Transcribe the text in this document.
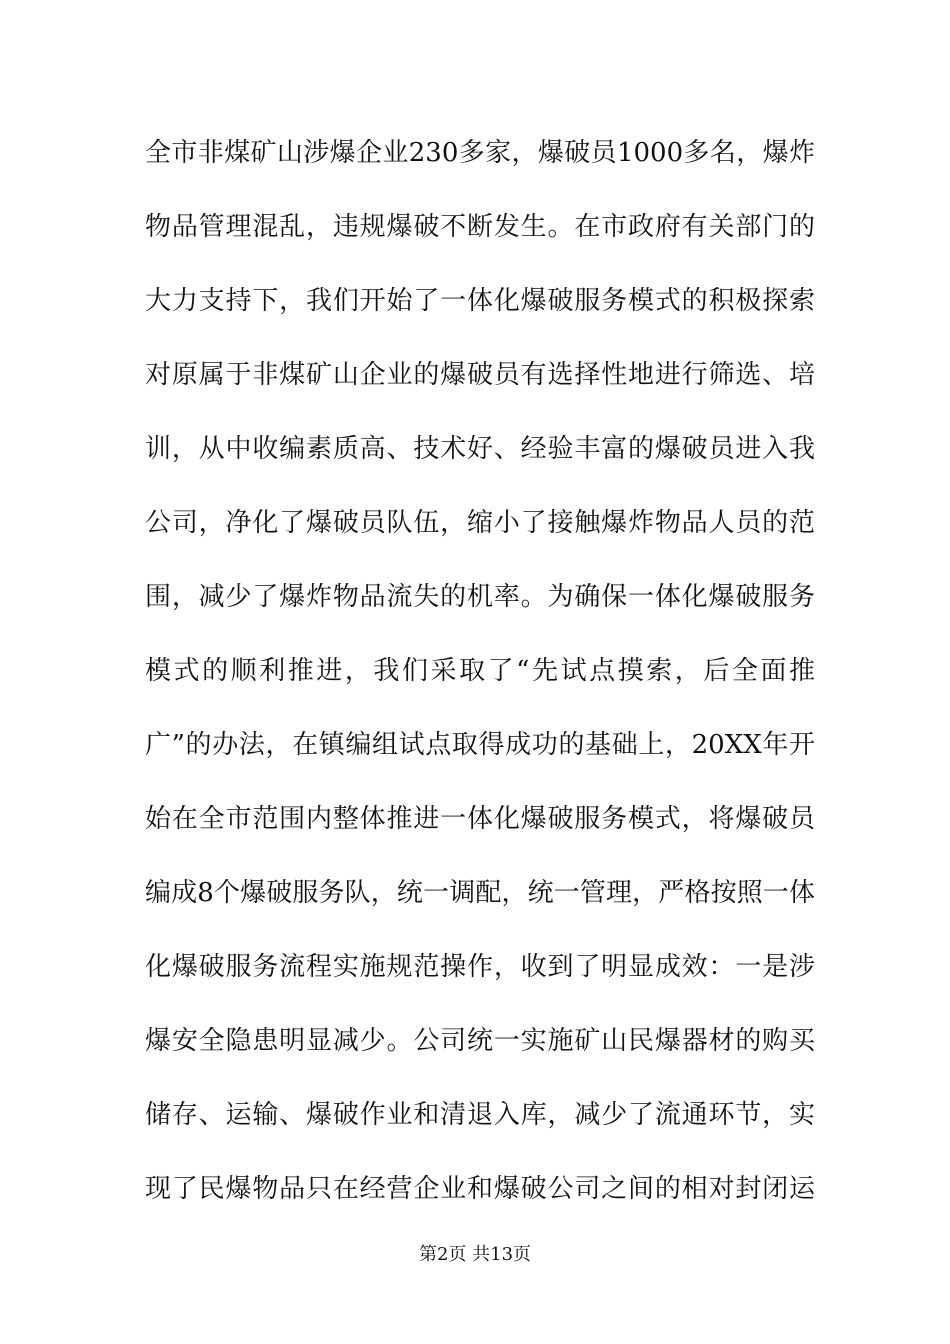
全市非煤矿山涉爆企业230多家，爆破员1000多名，爆炸
物品管理混乱，违规爆破不断发生。在市政府有关部门的
大力支持下，我们开始了一体化爆破服务模式的积极探索
对原属于非煤矿山企业的爆破员有选择性地进行筛选、培
训，从中收编素质高、技术好、经验丰富的爆破员进入我
公司，净化了爆破员队伍，缩小了接触爆炸物品人员的范
围，减少了爆炸物品流失的机率。为确保一体化爆破服务
模式的顺利推进，我们采取了“先试点摸索，后全面推
广”的办法，在镇编组试点取得成功的基础上，20XX年开
始在全市范围内整体推进一体化爆破服务模式，将爆破员
编成8个爆破服务队，统一调配，统一管理，严格按照一体
化爆破服务流程实施规范操作，收到了明显成效：一是涉
爆安全隐患明显减少。公司统一实施矿山民爆器材的购买
储存、运输、爆破作业和清退入库，减少了流通环节，实
现了民爆物品只在经营企业和爆破公司之间的相对封闭运
第2页 共13页
